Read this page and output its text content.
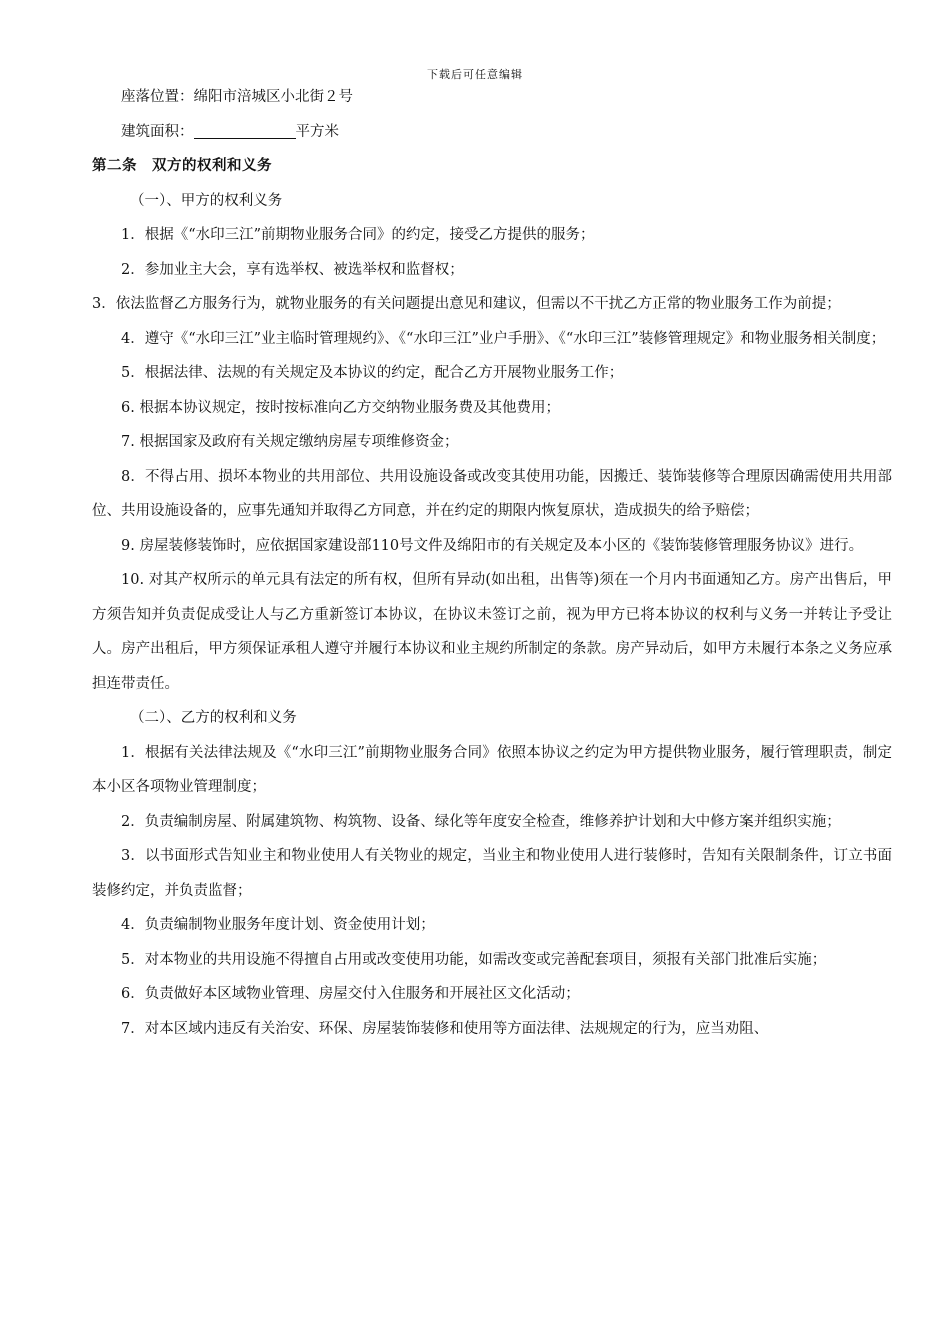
下载后可任意编辑

座落位置：绵阳市涪城区小北街２号

建筑面积：	平方米

第二条　双方的权利和义务

（一）、甲方的权利义务

1．根据《“水印三江”前期物业服务合同》的约定，接受乙方提供的服务；

2．参加业主大会，享有选举权、被选举权和监督权；

3．依法监督乙方服务行为，就物业服务的有关问题提出意见和建议，但需以不干扰乙方正常的物业服务工作为前提；

4．遵守《“水印三江”业主临时管理规约》、《“水印三江”业户手册》、《“水印三江”装修管理规定》和物业服务相关制度；

5．根据法律、法规的有关规定及本协议的约定，配合乙方开展物业服务工作；

6. 根据本协议规定，按时按标准向乙方交纳物业服务费及其他费用；

7. 根据国家及政府有关规定缴纳房屋专项维修资金；

8．不得占用、损坏本物业的共用部位、共用设施设备或改变其使用功能，因搬迁、装饰装修等合理原因确需使用共用部位、共用设施设备的，应事先通知并取得乙方同意，并在约定的期限内恢复原状，造成损失的给予赔偿；

9. 房屋装修装饰时，应依据国家建设部110号文件及绵阳市的有关规定及本小区的《装饰装修管理服务协议》进行。

10. 对其产权所示的单元具有法定的所有权，但所有异动(如出租，出售等)须在一个月内书面通知乙方。房产出售后，甲方须告知并负责促成受让人与乙方重新签订本协议，在协议未签订之前，视为甲方已将本协议的权利与义务一并转让予受让人。房产出租后，甲方须保证承租人遵守并履行本协议和业主规约所制定的条款。房产异动后，如甲方未履行本条之义务应承担连带责任。

（二）、乙方的权利和义务

1．根据有关法律法规及《“水印三江”前期物业服务合同》依照本协议之约定为甲方提供物业服务，履行管理职责，制定本小区各项物业管理制度；

2．负责编制房屋、附属建筑物、构筑物、设备、绿化等年度安全检查，维修养护计划和大中修方案并组织实施；

3．以书面形式告知业主和物业使用人有关物业的规定，当业主和物业使用人进行装修时，告知有关限制条件，订立书面装修约定，并负责监督；

4．负责编制物业服务年度计划、资金使用计划；

5．对本物业的共用设施不得擅自占用或改变使用功能，如需改变或完善配套项目，须报有关部门批准后实施；

6．负责做好本区域物业管理、房屋交付入住服务和开展社区文化活动；

7．对本区域内违反有关治安、环保、房屋装饰装修和使用等方面法律、法规规定的行为，应当劝阻、
